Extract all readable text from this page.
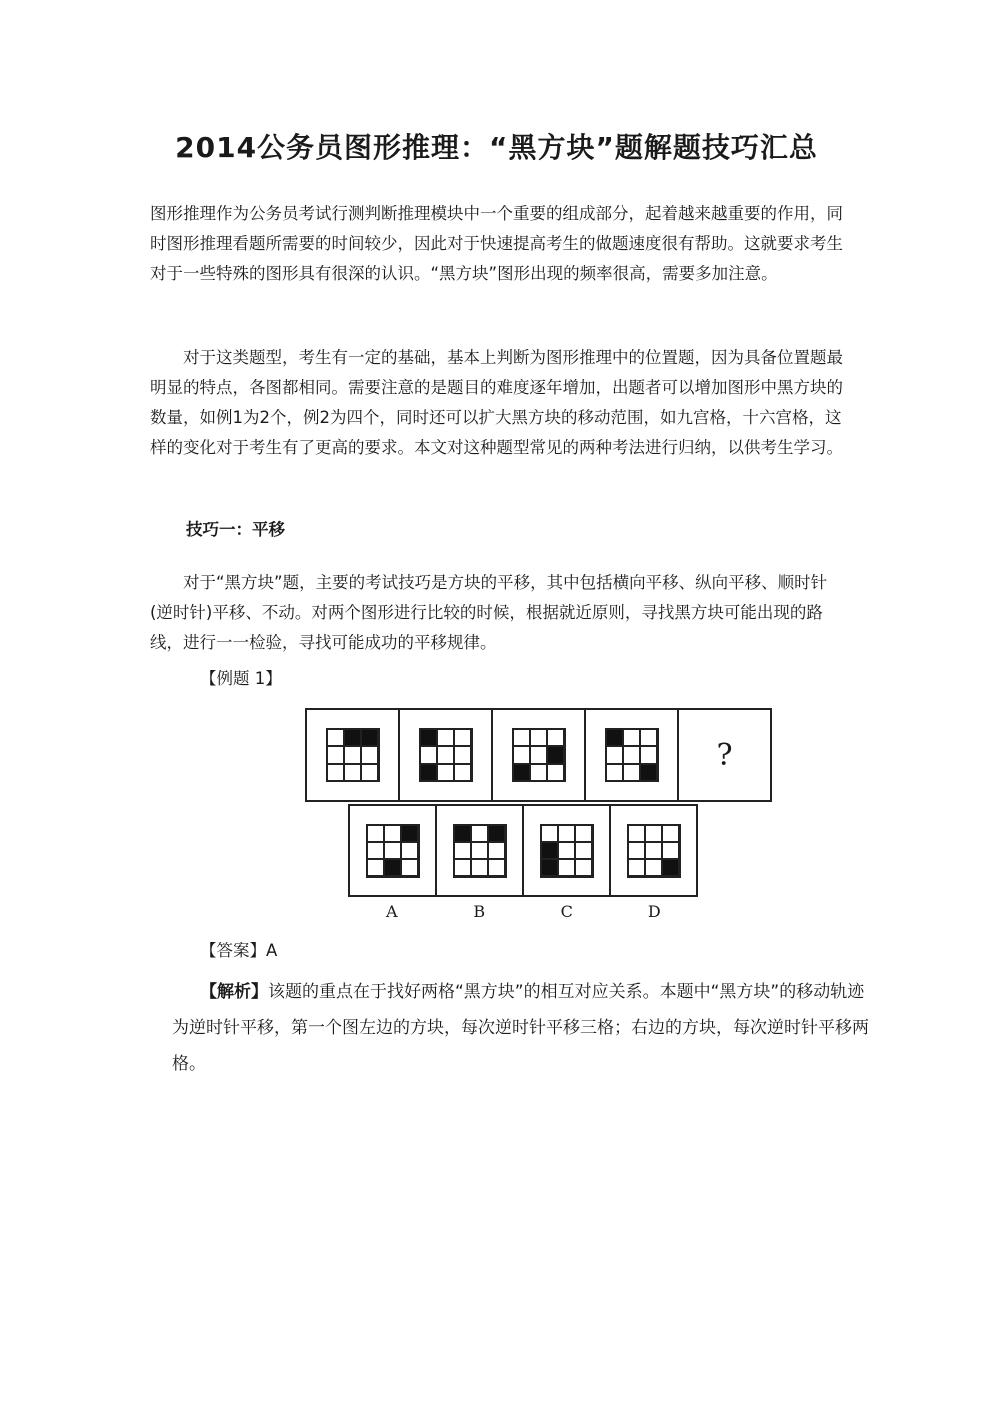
2014公务员图形推理：“黑方块”题解题技巧汇总

图形推理作为公务员考试行测判断推理模块中一个重要的组成部分，起着越来越重要的作用，同时图形推理看题所需要的时间较少，因此对于快速提高考生的做题速度很有帮助。这就要求考生对于一些特殊的图形具有很深的认识。“黑方块”图形出现的频率很高，需要多加注意。

对于这类题型，考生有一定的基础，基本上判断为图形推理中的位置题，因为具备位置题最明显的特点，各图都相同。需要注意的是题目的难度逐年增加，出题者可以增加图形中黑方块的数量，如例1为2个，例2为四个，同时还可以扩大黑方块的移动范围，如九宫格，十六宫格，这样的变化对于考生有了更高的要求。本文对这种题型常见的两种考法进行归纳，以供考生学习。

技巧一：平移

对于“黑方块”题，主要的考试技巧是方块的平移，其中包括横向平移、纵向平移、顺时针(逆时针)平移、不动。对两个图形进行比较的时候，根据就近原则，寻找黑方块可能出现的路线，进行一一检验，寻找可能成功的平移规律。

【例题 1】
?
A	B	C	D
【答案】A

【解析】该题的重点在于找好两格“黑方块”的相互对应关系。本题中“黑方块”的移动轨迹为逆时针平移，第一个图左边的方块，每次逆时针平移三格；右边的方块，每次逆时针平移两格。
